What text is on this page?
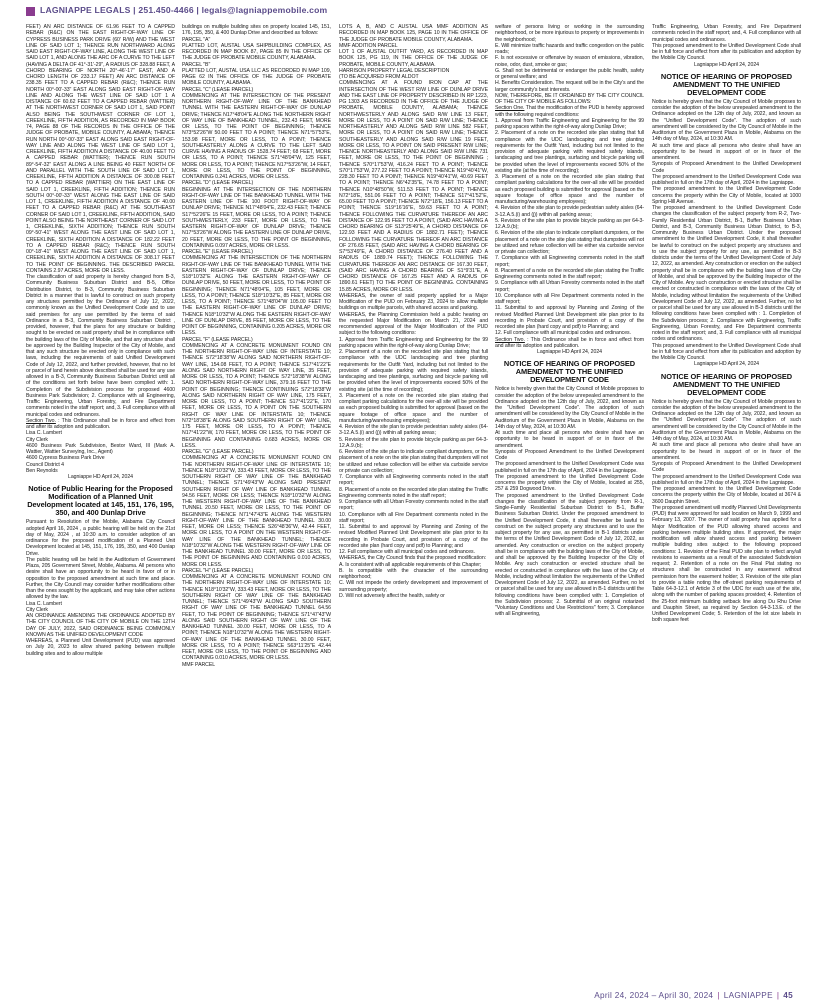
LAGNIAPPE LEGALS | 251.450-4466 | legals@lagniappemobile.com

FEET) AN ARC DISTANCE OF 61.96 FEET TO A CAPPED REBAR (R&C) ON THE EAST RIGHT-OF-WAY LINE OF CYPRESS BUSINESS PARK DRIVE (60' R/W) AND THE WEST LINE OF SAID LOT 1; THENCE RUN NORTHWARD ALONG SAID EAST RIGHT-OF-WAY LINE, ALONG THE WEST LINE OF SAID LOT 1, AND ALONG THE ARC OF A CURVE TO THE LEFT (HAVING A DELTA OF 41°-31'-29", A RADIUS OF 328.88 FEET, A CHORD BEARING OF NORTH 20°-46'-17" EAST, AND A CHORD LENGTH OF 233.17 FEET) AN ARC DISTANCE OF 238.35 FEET TO A CAPPED REBAR (R&C); THENCE RUN NORTH 00°-00'-33" EAST ALONG SAID EAST RIGHT-OF-WAY LINE AND ALONG THE WEST LINE OF SAID LOT 1 A DISTANCE OF 60.62 FEET TO A CAPPED REBAR (WATTIER) AT THE NORTHWEST CORNER OF SAID LOT 1, SAID POINT ALSO BEING THE SOUTHWEST CORNER OF LOT 1, CREEKLINE, FIFTH ADDITION, AS RECORDED IN MAP BOOK 74, PAGE 88 OF THE RECORDS IN THE OFFICE OF THE JUDGE OF PROBATE, MOBILE COUNTY, ALABAMA; THENCE RUN NORTH 00°-00'-33" EAST ALONG SAID EAST RIGHT-OF-WAY LINE AND ALONG THE WEST LINE OF SAID LOT 1, CREEKLINE, FIFTH ADDITION A DISTANCE OF 40.00 FEET TO A CAPPED REBAR (WATTIER); THENCE RUN SOUTH 89°-54'-32" EAST ALONG A LINE BEING 40 FEET NORTH OF AND PARALLEL WITH THE SOUTH LINE OF SAID LOT 1, CREEKLINE, FIFTH ADDITION A DISTANCE OF 300.08 FEET TO A CAPPED REBAR (WATTIER) ON THE EAST LINE OF SAID LOT 1, CREEKLINE, FIFTH ADDITION; THENCE RUN SOUTH 00°-00'-33" WEST ALONG THE EAST LINE OF SAID LOT 1, CREEKLINE, FIFTH ADDITION A DISTANCE OF 40.00 FEET TO A CAPPED REBAR (R&C) AT THE SOUTHEAST CORNER OF SAID LOT 1, CREEKLINE, FIFTH ADDITION, SAID POINT ALSO BEING THE NORTHEAST CORNER OF SAID LOT 1, CREEKLINE, SIXTH ADDITION; THENCE RUN SOUTH 09°-50'-41" WEST ALONG THE EAST LINE OF SAID LOT 1, CREEKLINE, SIXTH ADDITION A DISTANCE OF 182.22 FEET TO A CAPPED REBAR (R&C); THENCE RUN SOUTH 00°-18'-41" WEST ALONG THE EAST LINE OF SAID LOT 1, CREEKLINE, SIXTH ADDITION A DISTANCE OF 308.17 FEET TO THE POINT OF BEGINNING. THE DESCRIBED PARCEL CONTAINS 2.97 ACRES, MORE OR LESS.

The classification of said property is hereby changed from B-3, Community Business Suburban District and B-5, Office Distribution District, to B-3, Community Business Suburban District in a manner that is lawful to construct on such property any structures permitted by the Ordinance of July 12, 2022, commonly known as the Unified Development Code and to use said premises for any use permitted by the terms of said Ordinance in a B-3, Community Business Suburban District , provided, however, that the plans for any structure or building sought to be erected on said property shall be in compliance with the building laws of the City of Mobile, and that any structure shall be approved by the Building Inspector of the City of Mobile, and that any such structure be erected only in compliance with such laws, including the requirements of said Unified Development Code of July 12, 2022, and further provided, however, that no lot or parcel of land herein above described shall be used for any use allowed in a B-3, Community Business Suburban District until all of the conditions set forth below have been complied with: 1. Completion of the Subdivision process for proposed 4600 Business Park Subdivision; 2. Compliance with all Engineering, Traffic Engineering, Urban Forestry, and Fire Department comments noted in the staff report; and, 3. Full compliance with all municipal codes and ordinances.

Section Two. : This Ordinance shall be in force and effect from and after its adoption and publication.

Lisa C. Lambert

City Clerk

4600 Business Park Subdivision, Bestor Ward, III (Mark A. Wattier, Wattier Surveying, Inc., Agent)

4600 Cypress Business Park Drive

Council District 4

Ben Reynolds

Lagniappe HD April 24, 2024

Notice of Public Hearing for the Proposed Modification of a Planned Unit Development located at 145, 151, 176, 195, 350, and 400 Dunlap Drive

Pursuant to Resolution of the Mobile, Alabama City Council adopted April 16, 2024 , a public hearing will be held on the 21st day of May, 2024 , at 10:30 a.m. to consider adoption of an ordinance for the proposed modification of a Planned Unit Development located at 145, 151, 176, 195, 350, and 400 Dunlap Drive.

The public hearing will be held in the Auditorium of Government Plaza, 205 Government Street, Mobile, Alabama. All persons who desire shall have an opportunity to be heard in favor of or in opposition to the proposed amendment at such time and place. Further, the City Council may consider further modifications other than the ones sought by the applicant, and may take other actions allowed by the law.

Lisa C. Lambert

City Clerk

AN ORDINANCE AMENDING THE ORDINANCE ADOPTED BY THE CITY COUNCIL OF THE CITY OF MOBILE ON THE 12TH DAY OF JULY, 2022, SAID ORDINANCE BEING COMMONLY KNOWN AS THE UNIFIED DEVELOPMENT CODE

WHEREAS, a Planned Unit Development (PUD) was approved on July 20, 2023 to allow shared parking between multiple building sites and to allow multiple

buildings on multiple building sites on property located 145, 151, 176, 195, 350, & 400 Dunlap Drive and described as follows:

PARCEL "A"

PLATTED LOT, AUSTAL USA SHIPBUILDING COMPLEX, AS RECORDED IN MAP BOOK 87, PAGE 85 IN THE OFFICE OF THE JUDGE OF PROBATE MOBILE COUNTY, ALABAMA.

PARCEL "B"

PLATTED LOT, AUSTAL USA LLC AS RECORDED IN MAP 109, PAGE 62 IN THE OFFICE OF THE JUDGE OF PROBATE MOBILE COUNTY, ALABAMA.

PARCEL "C" (LEASE PARCEL)

COMMENCING AT THE INTERSECTION OF THE PRESENT NORTHERN RIGHT-OF-WAY LINE OF THE BANKHEAD TUNNEL WITH THE EASTERN RIGHT-OF-WAY OF DUNLAP DRIVE; THENCE N17°48'04"E ALONG THE NORTHERN RIGHT OF WAY LINE OF BANKHEAD TUNNEL, 232.43 FEET, MORE OR LESS, TO THE POINT OF BEGINNING; THENCE N73°52'26"W 50.00 FEET TO A POINT; THENCE N71°57'53"E, 153.98 FEET, MORE OR LESS, TO A POINT; THENCE SOUTHEASTERLY ALONG A CURVE TO THE LEFT SAID CURVE HAVING A RADIUS OF 1528.74 FEET; 68 FEET, MORE OR LESS, TO A POINT; THENCE S71°48'04"W, 125 FEET, MORE OR LESS, TO A POINT; THENCE N17°53'26"W, 14 FEET, MORE OR LESS, TO THE POINT OF BEGINNING, CONTAINING 0.241 ACRES, MORE OR LESS.

PARCEL "D" (LEASE PARCEL)

BEGINNING AT THE INTERSECTION OF THE NORTHERN RIGHT-OF-WAY LINE OF THE BANKHEAD TUNNEL WITH THE EASTERN LINE OF THE 100 FOOT RIGHT-OF-WAY OF DUNLAP DRIVE; THENCE N17°48'04"E, 232.43 FEET; THENCE S17°52'26"E 15 FEET, MORE OR LESS, TO A POINT; THENCE SOUTHWESTERLY, 233 FEET, MORE OR LESS, TO THE EASTERN RIGHT-OF-WAY OF DUNLAP DRIVE; THENCE N17°53'26"W ALONG THE EASTERN LINE OF DUNLAP DRIVE, 20 FEET, MORE OR LESS, TO THE POINT OF BEGINNING, CONTAINING 0.097 ACRES, MORE OR LESS.

PARCEL "E" (LEASE PARCEL)

COMMENCING AT THE INTERSECTION OF THE NORTHERN RIGHT-OF-WAY LINE OF THE BANKHEAD TUNNEL WITH THE EASTERN RIGHT-OF-WAY OF DUNLAP DRIVE; THENCE S18°10'32"E ALONG THE EASTERN RIGHT-OF-WAY OF DUNLAP DRIVE, 50 FEET, MORE OR LESS, TO THE POINT OF BEGINNING; THENCE N71°48'04"E, 105 FEET, MORE OR LESS, TO A POINT; THENCE S18°10'32"E, 85 FEET, MORE OR LESS, TO A POINT; THENCE S71°48'04"W 105.00 FEET TO THE EASTERN RIGHT-OF-WAY LINE OF DUNLAP DRIVE; THENCE N18°10'32"W ALONG THE EASTERN RIGHT-OF-WAY LINE OF DUNLAP DRIVE, 85 FEET, MORE OR LESS, TO THE POINT OF BEGINNING, CONTAINING 0.205 ACRES, MORE OR LESS.

PARCEL "F" (LEASE PARCEL)

COMMENCING AT A CONCRETE MONUMENT FOUND ON THE NORTHERN RIGHT-OF-WAY LINE OF INTERSTATE 10; THENCE S72°18'38"W ALONG SAID NORTHERN RIGHT-OF-WAY LINE, 154.08 FEET, TO A POINT; THENCE S17°41'22"E ALONG SAID NORTHERN RIGHT OF WAY LINE, 35 FEET, MORE OR LESS, TO A POINT; THENCE S72°18'38"W ALONG SAID NORTHERN RIGHT-OF-WAY LINE, 379.16 FEET TO THE POINT OF BEGINNING; THENCE CONTINUING S72°18'38"W ALONG SAID NORTHERN RIGHT OF WAY LINE, 175 FEET, MORE OR LESS, TO A POINT; THENCE S17°41'22"E, 170 FEET, MORE OR LESS, TO A POINT ON THE SOUTHERN RIGHT OF WAY LINE OF INTERSTATE 10; THENCE N72°18'38"E ALONG SAID SOUTHERN RIGHT OF WAY LINE, 175 FEET, MORE OR LESS, TO A POINT; THENCE N17°41'22"W, 170 FEET, MORE OR LESS, TO THE POINT OF BEGINNING AND CONTAINING 0.683 ACRES, MORE OR LESS.

PARCEL "G" (LEASE PARCEL)

COMMENCING AT A CONCRETE MONUMENT FOUND ON THE NORTHERN RIGHT-OF-WAY LINE OF INTERSTATE 10; THENCE N18°10'32"W, 333.43 FEET, MORE OR LESS, TO THE SOUTHERN RIGHT OF WAY LINE OF THE BANKHEAD TUNNEL; THENCE S71°49'43"W ALONG SAID PRESENT SOUTHERN RIGHT OF WAY LINE OF BANKHEAD TUNNEL 94.56 FEET, MORE OR LESS; THENCE N18°10'32"W ALONG THE WESTERN RIGHT-OF-WAY LINE OF THE BANKHEAD TUNNEL 20.50 FEET, MORE OR LESS, TO THE POINT OF BEGINNING; THENCE N71°47'43"E ALONG THE WESTERN RIGHT-OF-WAY LINE OF THE BANKHEAD TUNNEL 30.00 FEET, MORE OR LESS; THENCE S26°48'36"W, 42.44 FEET, MORE OR LESS, TO A POINT ON THE WESTERN RIGHT-OF-WAY LINE OF THE BANKHEAD TUNNEL; THENCE N18°10'32"W ALONG THE WESTERN RIGHT-OF-WAY LINE OF THE BANKHEAD TUNNEL 30.00 FEET, MORE OR LESS, TO THE POINT OF BEGINNING AND CONTAINING 0.010 ACRES, MORE OR LESS.

PARCEL "H" (LEASE PARCEL)

COMMENCING AT A CONCRETE MONUMENT FOUND ON THE NORTHERN RIGHT-OF-WAY LINE OF INTERSTATE 10; THENCE N18°10'32"W, 333.43 FEET, MORE OR LESS, TO THE SOUTHERN RIGHT OF WAY LINE OF THE BANKHEAD TUNNEL; THENCE S71°49'43"W ALONG SAID SOUTHERN RIGHT OF WAY LINE OF THE BANKHEAD TUNNEL 64.56 FEET, TO THE POINT OF BEGINNING; THENCE S71°47'43"W ALONG SAID SOUTHERN RIGHT OF WAY LINE OF THE BANKHEAD TUNNEL 30.00 FEET, MORE OR LESS, TO A POINT; THENCE N18°10'32"W ALONG THE WESTERN RIGHT-OF-WAY LINE OF THE BANKHEAD TUNNEL 30.00 FEET, MORE OR LESS, TO A POINT; THENCE S63°11'25"E 42.44 FEET, MORE OR LESS, TO THE POINT OF BEGINNING AND CONTAINING 0.010 ACRES, MORE OR LESS.

MMF PARCEL

LOTS A, B, AND C AUSTAL USA MMF ADDITION AS RECORDED IN MAP BOOK 125, PAGE 10 IN THE OFFICE OF THE JUDGE OF PROBATE MOBILE COUNTY, ALABAMA.

MMF ADDITION PARCEL

LOT 1 OF AUSTAL OUTFIT YARD, AS RECORDED IN MAP BOOK 125, PG 119, IN THE OFFICE OF THE JUDGE OF PROBATE, MOBILE COUNTY, ALABAMA.

HARRISON PROPERTY LEGAL DESCRIPTION

(TO BE ACQUIRED FROM ALDOT

COMMENCING AT A FOUND IRON CAP AT THE INTERSECTION OF THE WEST R/W LINE OF DUNLAP DRIVE AND THE EAST LINE OF PROPERTY DESCRIBED IN RP 1223, PG 1303 AS RECORDED IN THE OFFICE OF THE JUDGE OF PROBATE, MOBILE COUNTY, ALABAMA; THENCE NORTHWESTERLY AND ALONG SAID R/W LINE 13 FEET, MORE OR LESS, TO A POINT ON SAID R/W LINE; THENCE NORTHEASTERLY AND ALONG SAID R/W LINE 582 FEET, MORE OR LESS, TO A POINT ON SAID R/W LINE; THENCE SOUTHEASTERLY AND ALONG SAID R/W LINE 19 FEET, MORE OR LESS, TO A POINT ON SAID PRESENT R/W LINE; THENCE NORTHEASTERLY AND ALONG SAID R/W LINE 731 FEET, MORE OR LESS, TO THE POINT OF BEGINNING ; THENCE S70°17'53"W, 416.24 FEET TO A POINT; THENCE S70°17'53"W, 277.22 FEET TO A POINT; THENCE N19°40'41"W, 228.30 FEET TO A POINT; THENCE N19°40'41"W, 40.69 FEET TO A POINT; THENCE N6°42'35"E, 74.78 FEET TO A POINT; THENCE N10°48'50"W, 511.53 FEET TO A POINT; THENCE N72°18'E, 551.06 FEET TO A POINT; THENCE S17°41'52"E, 65.00 FEET TO A POINT; THENCE N72°18'E, 156.13 FEET TO A POINT; THENCE S19°16'16"E, 59.63 FEET TO A POINT; THENCE FOLLOWING THE CURVATURE THEREOF AN ARC DISTANCE OF 122.95 FEET TO A POINT, (SAID ARC HAVING A CHORD BEARING OF S13°25'49"E, A CHORD DISTANCE OF 122.93 FEET AND A RADIUS OF 1882.71 FEET); THENCE FOLLOWING THE CURVATURE THEREOF AN ARC DISTANCE OF 276.65 FEET, (SAID ARC HAVING A CHORD BEARING OF S7°53'49"E, A CHORD DISTANCE OF 276.40 FEET AND A RADIUS OF 1889.74 FEET); THENCE FOLLOWING THE CURVATURE THEREOF AN ARC DISTANCE OF 167.30 FEET, (SAID ARC HAVING A CHORD BEARING OF S1°9'31"E, A CHORD DISTANCE OF 167.25 FEET AND A RADIUS OF 1890.61 FEET) TO THE POINT OF BEGINNING. CONTAINING 15.85 ACRES, MORE OR LESS.

WHEREAS, the owner of said property applied for a Major Modification of the PUD on February 23, 2024 to allow multiple buildings on multiple parcels, with shared access and parking.

WHEREAS, the Planning Commission held a public hearing on the requested Major Modification on March 21, 2024 and recommended approval of the Major Modification of the PUD subject to the following conditions:

1. Approval from Traffic Engineering and Engineering for the 99 parking spaces within the right-of-way along Dunlap Drive;

2. Placement of a note on the recorded site plan stating that full compliance with the UDC landscaping and tree planting requirements for the Outfit Yard, including but not limited to the provision of adequate parking with required safety islands, landscaping and tree plantings, surfacing and bicycle parking will be provided when the level of improvements exceed 50% of the existing site (at the time of recording);

3. Placement of a note on the recorded site plan stating that compliant parking calculations for the over-all site will be provided as each proposed building is submitted for approval (based on the square footage of office space and the number of manufacturing/warehousing employees);

4. Revision of the site plan to provide pedestrian safety aisles (64-3-12.A.5.(i) and (j)) within all parking areas;

5. Revision of the site plan to provide bicycle parking as per 64-3-12.A.9.(b);

6. Revision of the site plan to indicate compliant dumpsters, or the placement of a note on the site plan stating that dumpsters will not be utilized and refuse collection will be either via curbside service or private can collection;

7. Compliance with all Engineering comments noted in the staff report;

8. Placement of a note on the recorded site plan stating the Traffic Engineering comments noted in the staff report;

9. Compliance with all Urban Forestry comments noted in the staff report;

10. Compliance with all Fire Department comments noted in the staff report;

11. Submittal to and approval by Planning and Zoning of the revised Modified Planned Unit Development site plan prior to its recording in Probate Court, and provision of a copy of the recorded site plan (hard copy and pdf) to Planning; and

12. Full compliance with all municipal codes and ordinances.

WHEREAS, the City Council finds that the proposed modification:

A. Is consistent with all applicable requirements of this Chapter;

B. Is compatible with the character of the surrounding neighborhood;

C. Will not impede the orderly development and improvement of surrounding property;

D. Will not adversely affect the health, safety or

welfare of persons living or working in the surrounding neighborhood, or be more injurious to property or improvements in the neighborhood;

E. Will minimize traffic hazards and traffic congestion on the public roads;

F. Is not excessive or offensive by reason of emissions, vibration, noise, odor, dust, smoke or gas;

G. Shall not be detrimental or endanger the public health, safety or general welfare; and

H. Benefits Consideration. The request will be in the City's and the larger community's best interests.

NOW, THEREFORE, BE IT ORDAINED BY THE CITY COUNCIL OF THE CITY OF MOBILE AS FOLLOWS:

Section One. That the modification of the PUD is hereby approved with the following required conditions:

1. Approval from Traffic Engineering and Engineering for the 99 parking spaces within the right-of-way along Dunlap Drive;

2. Placement of a note on the recorded site plan stating that full compliance with the UDC landscaping and tree planting requirements for the Outfit Yard, including but not limited to the provision of adequate parking with required safety islands, landscaping and tree plantings, surfacing and bicycle parking will be provided when the level of improvements exceed 50% of the existing site (at the time of recording);

3. Placement of a note on the recorded site plan stating that compliant parking calculations for the over-all site will be provided as each proposed building is submitted for approval (based on the square footage of office space and the number of manufacturing/warehousing employees);

4. Revision of the site plan to provide pedestrian safety aisles (64-3-12.A.5.(i) and (j)) within all parking areas;

5. Revision of the site plan to provide bicycle parking as per 64-3-12.A.9.(b);

6. Revision of the site plan to indicate compliant dumpsters, or the placement of a note on the site plan stating that dumpsters will not be utilized and refuse collection will be either via curbside service or private can collection;

7. Compliance with all Engineering comments noted in the staff report;

8. Placement of a note on the recorded site plan stating the Traffic Engineering comments noted in the staff report;

9. Compliance with all Urban Forestry comments noted in the staff report;

10. Compliance with all Fire Department comments noted in the staff report;

11. Submittal to and approval by Planning and Zoning of the revised Modified Planned Unit Development site plan prior to its recording in Probate Court, and provision of a copy of the recorded site plan (hard copy and pdf) to Planning; and

12. Full compliance with all municipal codes and ordinances.

Section Two. : This Ordinance shall be in force and effect from and after its adoption and publication.

Lagniappe HD April 24, 2024

NOTICE OF HEARING OF PROPOSED AMENDMENT TO THE UNIFIED DEVELOPMENT CODE

Notice is hereby given that the City Council of Mobile proposes to consider the adoption of the below unrepealed amendment to the Ordinance adopted on the 12th day of July, 2022, and known as the "Unified Development Code". The adoption of such amendment will be considered by the City Council of Mobile in the Auditorium of the Government Plaza in Mobile, Alabama on the 14th day of May, 2024, at 10:30 AM.

At such time and place all persons who desire shall have an opportunity to be heard in support of or in favor of the amendment.

Synopsis of Proposed Amendment to the Unified Development Code

The proposed amendment to the Unified Development Code was published in full on the 17th day of April, 2024 in the Lagniappe.

The proposed amendment to the Unified Development Code concerns the property within the City of Mobile, located at 255, 257 & 259 Dogwood Drive.

The proposed amendment to the Unified Development Code changes the classification of the subject property from R-1, Single-Family Residential Suburban District to B-1, Buffer Business Suburban District. Under the proposed amendment to the Unified Development Code, it shall thereafter be lawful to construct on the subject property any structures and to use the subject property for any use, as permitted in B-1 districts under the terms of the Unified Development Code of July 12, 2022, as amended. Any construction or erection on the subject property shall be in compliance with the building laws of the City of Mobile, and shall be approved by the Building Inspector of the City of Mobile. Any such construction or erected structure shall be erected or constructed in compliance with the laws of the City of Mobile, including without limitation the requirements of the Unified Development Code of July 12, 2022, as amended. Further, no lot or parcel shall be used for any use allowed in B-1 districts until the following conditions have been complied with: 1. Completion of the Subdivision process; 2. Submittal of an original notarized "Voluntary Conditions and Use Restrictions" form; 3. Compliance with all Engineering,

Traffic Engineering, Urban Forestry, and Fire Department comments noted in the staff report; and, 4. Full compliance with all municipal codes and ordinances.

This proposed amendment to the Unified Development Code shall be in full force and effect from after its publication and adoption by the Mobile City Council.

Lagniappe HD April 24, 2024

NOTICE OF HEARING OF PROPOSED AMENDMENT TO THE UNIFIED DEVELOPMENT CODE

Notice is hereby given that the City Council of Mobile proposes to consider the adoption of the below unrepealed amendment to the Ordinance adopted on the 12th day of July, 2022, and known as the "Unified Development Code". The adoption of such amendment will be considered by the City Council of Mobile in the Auditorium of the Government Plaza in Mobile, Alabama on the 14th day of May, 2024, at 10:30 AM.

At such time and place all persons who desire shall have an opportunity to be heard in support of or in favor of the amendment.

Synopsis of Proposed Amendment to the Unified Development Code

The proposed amendment to the Unified Development Code was published in full on the 17th day of April, 2024 in the Lagniappe.

The proposed amendment to the Unified Development Code concerns the property within the City of Mobile, located at 1000 Spring Hill Avenue.

The proposed amendment to the Unified Development Code changes the classification of the subject property from R-2, Two-Family Residential Urban District, B-1, Buffer Business Urban District, and B-3, Community Business Urban District, to B-3, Community Business Urban District. Under the proposed amendment to the Unified Development Code, it shall thereafter be lawful to construct on the subject property any structures and to use the subject property for any use, as permitted in B-3 districts under the terms of the Unified Development Code of July 12, 2022, as amended. Any construction or erection on the subject property shall be in compliance with the building laws of the City of Mobile, and shall be approved by the Building Inspector of the City of Mobile. Any such construction or erected structure shall be erected or constructed in compliance with the laws of the City of Mobile, including without limitation the requirements of the Unified Development Code of July 12, 2022, as amended. Further, no lot or parcel shall be used for any use allowed in B-3 districts until the following conditions have been complied with : 1. Completion of the Subdivision process; 2. Compliance with Engineering, Traffic Engineering, Urban Forestry, and Fire Department comments noted in the staff report; and, 3. Full compliance with all municipal codes and ordinances.

This proposed amendment to the Unified Development Code shall be in full force and effect from after its publication and adoption by the Mobile City Council.

Lagniappe HD April 24, 2024

NOTICE OF HEARING OF PROPOSED AMENDMENT TO THE UNIFIED DEVELOPMENT CODE

Notice is hereby given that the City Council of Mobile proposes to consider the adoption of the below unrepealed amendment to the Ordinance adopted on the 12th day of July, 2022, and known as the "Unified Development Code". The adoption of such amendment will be considered by the City Council of Mobile in the Auditorium of the Government Plaza in Mobile, Alabama on the 14th day of May, 2024, at 10:30 AM.

At such time and place all persons who desire shall have an opportunity to be heard in support of or in favor of the amendment.

Synopsis of Proposed Amendment to the Unified Development Code

The proposed amendment to the Unified Development Code was published in full on the 17th day of April, 2024 in the Lagniappe.

The proposed amendment to the Unified Development Code concerns the property within the City of Mobile, located at 3674 & 3600 Dauphin Street.

The proposed amendment will modify Planned Unit Developments (PUD) that were approved for said location on March 9, 1999 and February 13, 2007. The owner of said property has applied for a Major Modification of the PUD allowing shared access and parking between multiple building sites. If approved, the major modification will allow shared access and parking between multiple building sites subject to the following proposed conditions: 1. Revision of the Final PUD site plan to reflect any/all revisions to easements as a result of the associated Subdivision request; 2. Retention of a note on the Final Plat stating no structures shall be constructed in any easement without permission from the easement holder; 3. Revision of the site plan to provide a table noting the off-street parking requirements of Table 64-3-12.1 of Article 3 of the UDC for each use of the site, along with the number of parking spaces provided; 4. Retention of the 25-foot minimum building setback line along Du Rhu Drive and Dauphin Street, as required by Section 64-3-13.E. of the Unified Development Code; 5. Retention of the lot size labels in both square feet

April 24, 2024 – April 30, 2024 | LAGNIAPPE | 45
